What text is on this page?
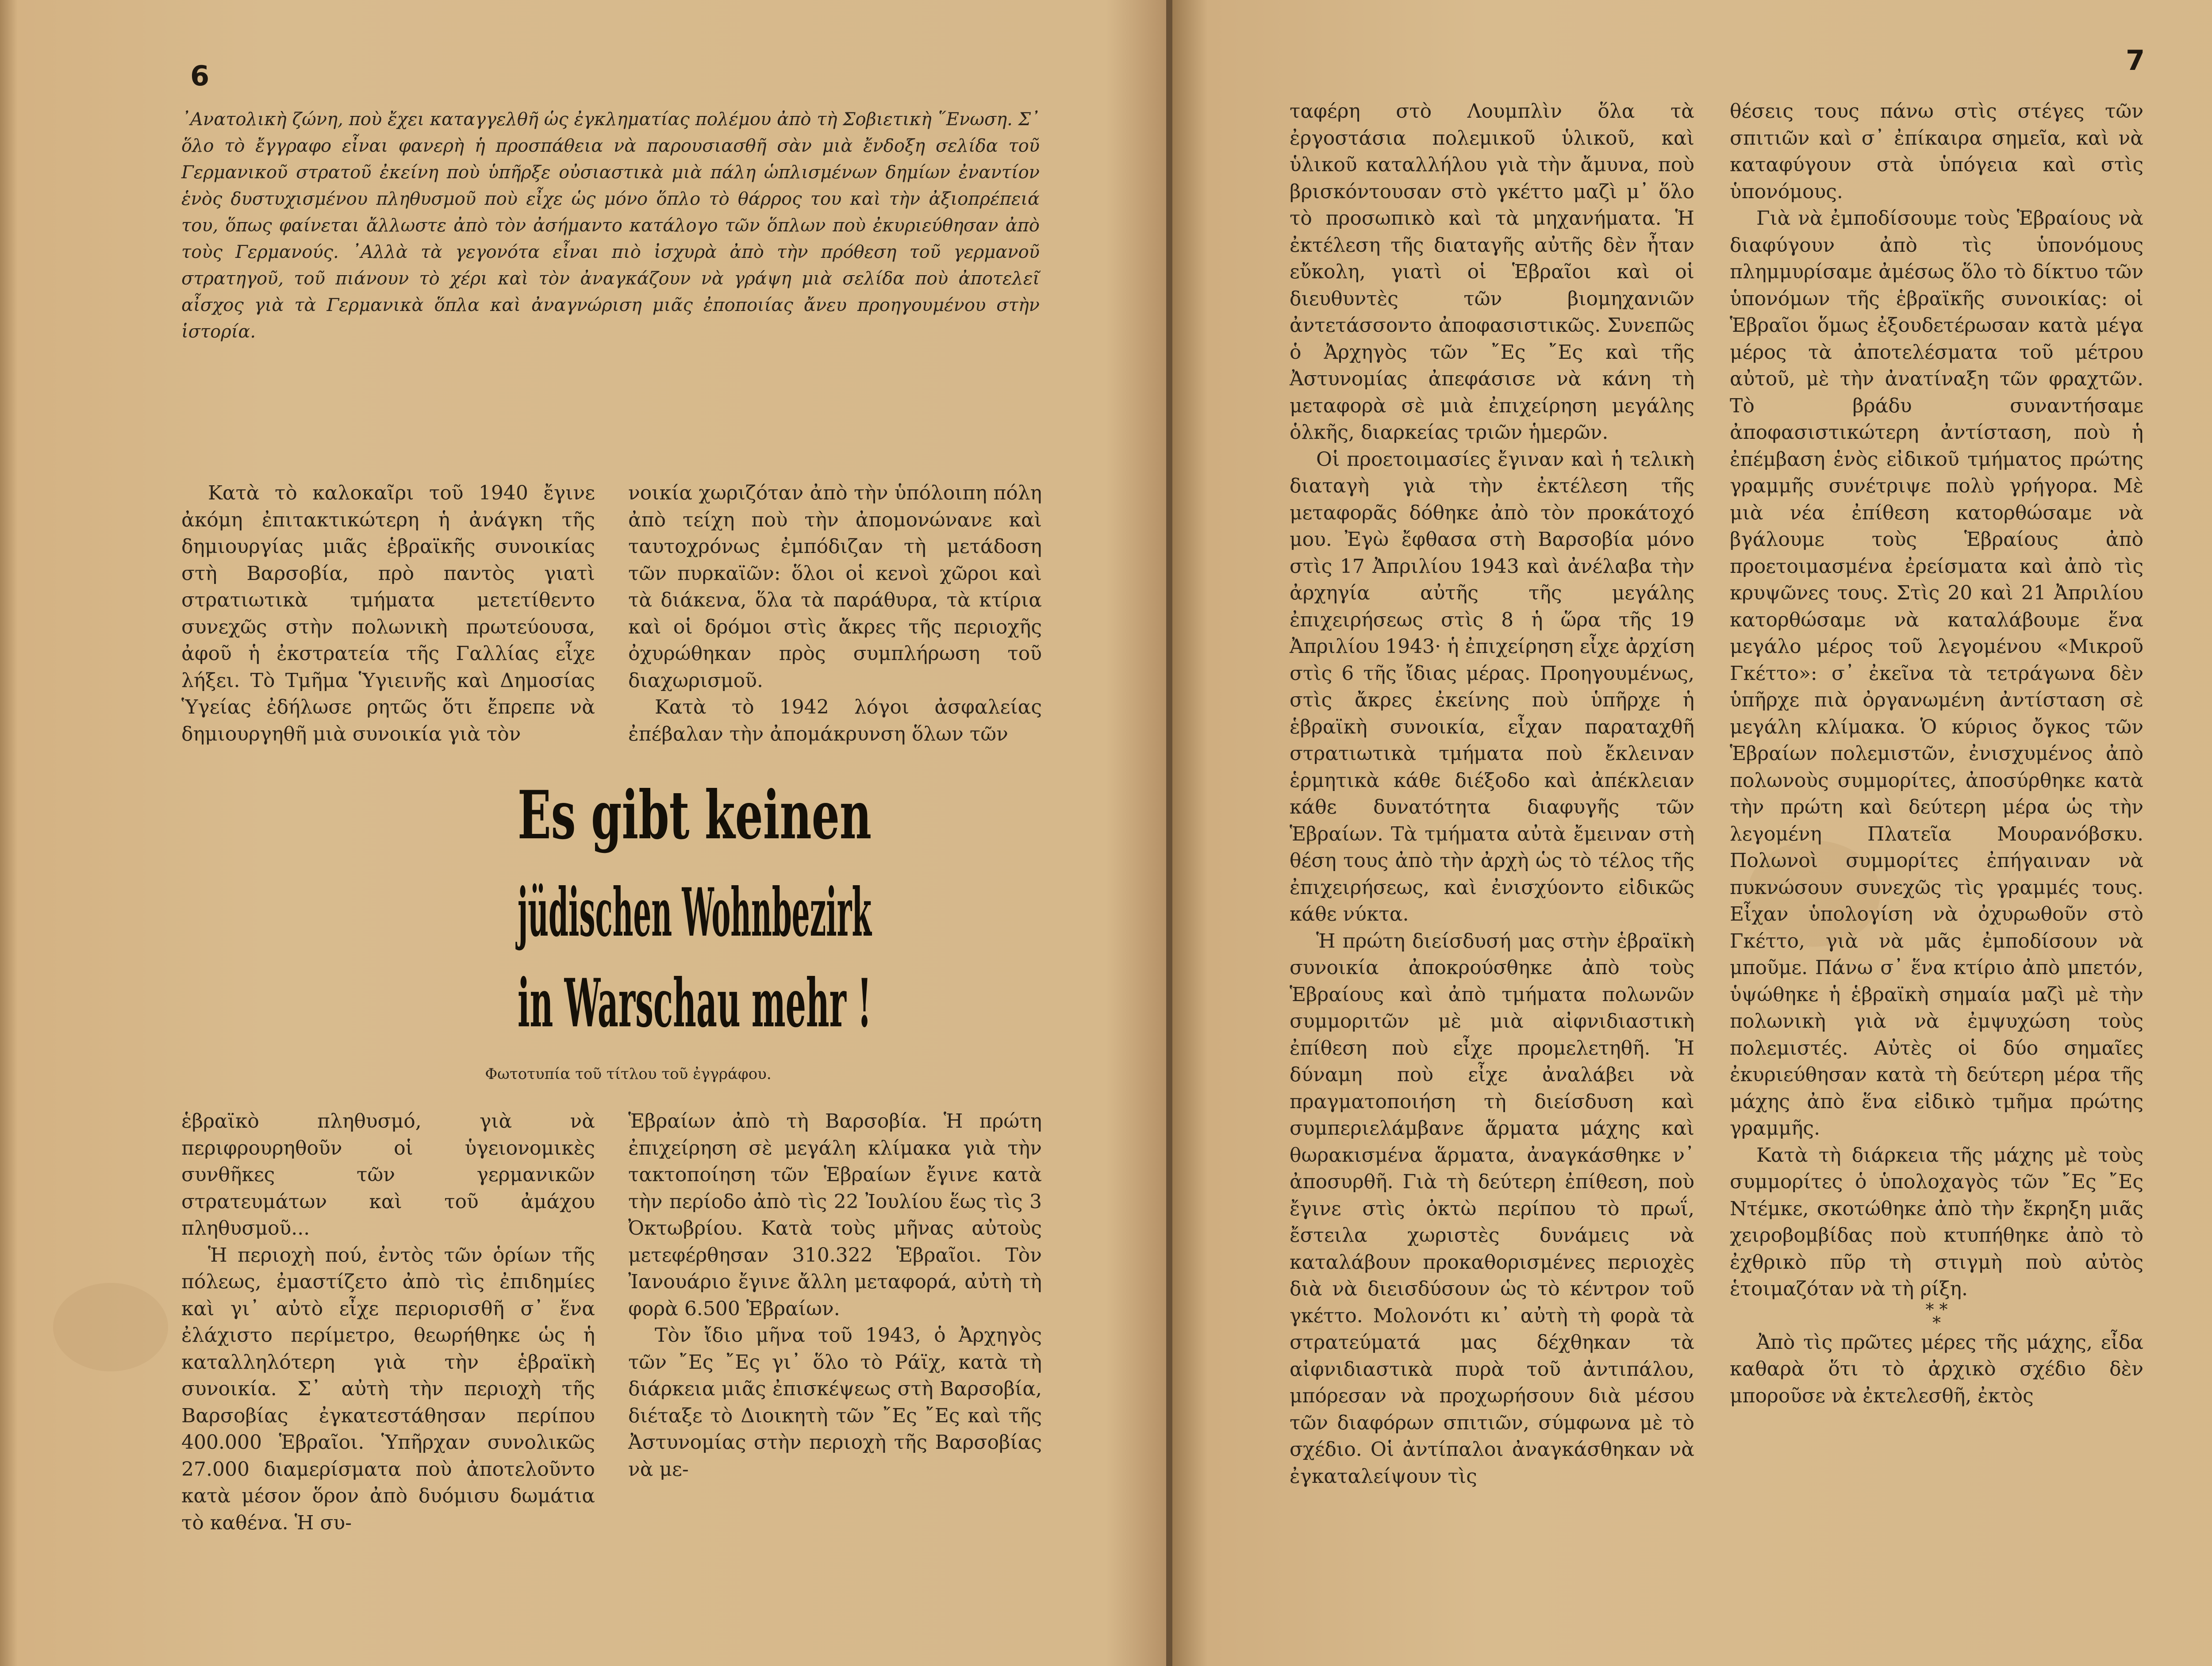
6

᾿Ανατολικὴ ζώνη, ποὺ ἔχει καταγγελθῆ ὡς ἐγκληματίας πολέμου ἀπὸ τὴ Σοβιετικὴ ῞Ενωση. Σ᾿ ὅλο τὸ ἔγγραφο εἶναι φανερὴ ἡ προσπάθεια νὰ παρουσιασθῆ σὰν μιὰ ἔνδοξη σελίδα τοῦ Γερμανικοῦ στρατοῦ ἐκείνη ποὺ ὑπῆρξε οὐσιαστικὰ μιὰ πάλη ὡπλισμένων δημίων ἐναντίον ἑνὸς δυστυχισμένου πληθυσμοῦ ποὺ εἶχε ὡς μόνο ὅπλο τὸ θάρρος του καὶ τὴν ἀξιοπρέπειά του, ὅπως φαίνεται ἄλλωστε ἀπὸ τὸν ἀσήμαντο κατάλογο τῶν ὅπλων ποὺ ἐκυριεύθησαν ἀπὸ τοὺς Γερμανούς. ᾿Αλλὰ τὰ γεγονότα εἶναι πιὸ ἰσχυρὰ ἀπὸ τὴν πρόθεση τοῦ γερμανοῦ στρατηγοῦ, τοῦ πιάνουν τὸ χέρι καὶ τὸν ἀναγκάζουν νὰ γράψη μιὰ σελίδα ποὺ ἀποτελεῖ αἶσχος γιὰ τὰ Γερμανικὰ ὅπλα καὶ ἀναγνώριση μιᾶς ἐποποιίας ἄνευ προηγουμένου στὴν ἱστορία.

Κατὰ τὸ καλοκαῖρι τοῦ 1940 ἔγινε ἀκόμη ἐπιτακτικώτερη ἡ ἀνάγκη τῆς δημιουργίας μιᾶς ἑβραϊκῆς συνοικίας στὴ Βαρσοβία, πρὸ παντὸς γιατὶ στρατιωτικὰ τμήματα μετετίθεντο συνεχῶς στὴν πολωνικὴ πρωτεύουσα, ἀφοῦ ἡ ἐκστρατεία τῆς Γαλλίας εἶχε λήξει. Τὸ Τμῆμα Ὑγιεινῆς καὶ Δημοσίας Ὑγείας ἐδήλωσε ρητῶς ὅτι ἔπρεπε νὰ δημιουργηθῆ μιὰ συνοικία γιὰ τὸν

νοικία χωριζόταν ἀπὸ τὴν ὑπόλοιπη πόλη ἀπὸ τείχη ποὺ τὴν ἀπομονώνανε καὶ ταυτοχρόνως ἐμπόδιζαν τὴ μετάδοση τῶν πυρκαϊῶν: ὅλοι οἱ κενοὶ χῶροι καὶ τὰ διάκενα, ὅλα τὰ παράθυρα, τὰ κτίρια καὶ οἱ δρόμοι στὶς ἄκρες τῆς περιοχῆς ὀχυρώθηκαν πρὸς συμπλήρωση τοῦ διαχωρισμοῦ.

Κατὰ τὸ 1942 λόγοι ἀσφαλείας ἐπέβαλαν τὴν ἀπομάκρυνση ὅλων τῶν

Es gibt keinen
jüdischen Wohnbezirk
in Warschau mehr !
Φωτοτυπία τοῦ τίτλου τοῦ ἐγγράφου.

ἑβραϊκὸ πληθυσμό, γιὰ νὰ περιφρουρηθοῦν οἱ ὑγειονομικὲς συνθῆκες τῶν γερμανικῶν στρατευμάτων καὶ τοῦ ἀμάχου πληθυσμοῦ...

Ἡ περιοχὴ πού, ἐντὸς τῶν ὁρίων τῆς πόλεως, ἐμαστίζετο ἀπὸ τὶς ἐπιδημίες καὶ γι᾿ αὐτὸ εἶχε περιορισθῆ σ᾿ ἕνα ἐλάχιστο περίμετρο, θεωρήθηκε ὡς ἡ καταλληλότερη γιὰ τὴν ἑβραϊκὴ συνοικία. Σ᾿ αὐτὴ τὴν περιοχὴ τῆς Βαρσοβίας ἐγκατεστάθησαν περίπου 400.000 Ἑβραῖοι. Ὑπῆρχαν συνολικῶς 27.000 διαμερίσματα ποὺ ἀποτελοῦντο κατὰ μέσον ὅρον ἀπὸ δυόμισυ δωμάτια τὸ καθένα. Ἡ συ-

Ἑβραίων ἀπὸ τὴ Βαρσοβία. Ἡ πρώτη ἐπιχείρηση σὲ μεγάλη κλίμακα γιὰ τὴν τακτοποίηση τῶν Ἑβραίων ἔγινε κατὰ τὴν περίοδο ἀπὸ τὶς 22 Ἰουλίου ἕως τὶς 3 Ὀκτωβρίου. Κατὰ τοὺς μῆνας αὐτοὺς μετεφέρθησαν 310.322 Ἑβραῖοι. Τὸν Ἰανουάριο ἔγινε ἄλλη μεταφορά, αὐτὴ τὴ φορὰ 6.500 Ἑβραίων.

Τὸν ἴδιο μῆνα τοῦ 1943, ὁ Ἀρχηγὸς τῶν ῎Ες ῎Ες γι᾿ ὅλο τὸ Ράϊχ, κατὰ τὴ διάρκεια μιᾶς ἐπισκέψεως στὴ Βαρσοβία, διέταξε τὸ Διοικητὴ τῶν ῎Ες ῎Ες καὶ τῆς Ἀστυνομίας στὴν περιοχὴ τῆς Βαρσοβίας νὰ με-

7

ταφέρη στὸ Λουμπλὶν ὅλα τὰ ἐργοστάσια πολεμικοῦ ὑλικοῦ, καὶ ὑλικοῦ καταλλήλου γιὰ τὴν ἄμυνα, ποὺ βρισκόντουσαν στὸ γκέττο μαζὶ μ᾿ ὅλο τὸ προσωπικὸ καὶ τὰ μηχανήματα. Ἡ ἐκτέλεση τῆς διαταγῆς αὐτῆς δὲν ἦταν εὔκολη, γιατὶ οἱ Ἑβραῖοι καὶ οἱ διευθυντὲς τῶν βιομηχανιῶν ἀντετάσσοντο ἀποφασιστικῶς. Συνεπῶς ὁ Ἀρχηγὸς τῶν ῎Ες ῎Ες καὶ τῆς Ἀστυνομίας ἀπεφάσισε νὰ κάνη τὴ μεταφορὰ σὲ μιὰ ἐπιχείρηση μεγάλης ὁλκῆς, διαρκείας τριῶν ἡμερῶν.

Οἱ προετοιμασίες ἔγιναν καὶ ἡ τελικὴ διαταγὴ γιὰ τὴν ἐκτέλεση τῆς μεταφορᾶς δόθηκε ἀπὸ τὸν προκάτοχό μου. Ἐγὼ ἔφθασα στὴ Βαρσοβία μόνο στὶς 17 Ἀπριλίου 1943 καὶ ἀνέλαβα τὴν ἀρχηγία αὐτῆς τῆς μεγάλης ἐπιχειρήσεως στὶς 8 ἡ ὥρα τῆς 19 Ἀπριλίου 1943· ἡ ἐπιχείρηση εἶχε ἀρχίση στὶς 6 τῆς ἴδιας μέρας. Προηγουμένως, στὶς ἄκρες ἐκείνης ποὺ ὑπῆρχε ἡ ἑβραϊκὴ συνοικία, εἶχαν παραταχθῆ στρατιωτικὰ τμήματα ποὺ ἔκλειναν ἑρμητικὰ κάθε διέξοδο καὶ ἀπέκλειαν κάθε δυνατότητα διαφυγῆς τῶν Ἑβραίων. Τὰ τμήματα αὐτὰ ἔμειναν στὴ θέση τους ἀπὸ τὴν ἀρχὴ ὡς τὸ τέλος τῆς ἐπιχειρήσεως, καὶ ἐνισχύοντο εἰδικῶς κάθε νύκτα.

Ἡ πρώτη διείσδυσή μας στὴν ἑβραϊκὴ συνοικία ἀποκρούσθηκε ἀπὸ τοὺς Ἑβραίους καὶ ἀπὸ τμήματα πολωνῶν συμμοριτῶν μὲ μιὰ αἰφνιδιαστικὴ ἐπίθεση ποὺ εἶχε προμελετηθῆ. Ἡ δύναμη ποὺ εἶχε ἀναλάβει νὰ πραγματοποιήση τὴ διείσδυση καὶ συμπεριελάμβανε ἅρματα μάχης καὶ θωρακισμένα ἅρματα, ἀναγκάσθηκε ν᾿ ἀποσυρθῆ. Γιὰ τὴ δεύτερη ἐπίθεση, ποὺ ἔγινε στὶς ὀκτὼ περίπου τὸ πρωΐ, ἔστειλα χωριστὲς δυνάμεις νὰ καταλάβουν προκαθορισμένες περιοχὲς διὰ νὰ διεισδύσουν ὡς τὸ κέντρον τοῦ γκέττο. Μολονότι κι᾿ αὐτὴ τὴ φορὰ τὰ στρατεύματά μας δέχθηκαν τὰ αἰφνιδιαστικὰ πυρὰ τοῦ ἀντιπάλου, μπόρεσαν νὰ προχωρήσουν διὰ μέσου τῶν διαφόρων σπιτιῶν, σύμφωνα μὲ τὸ σχέδιο. Οἱ ἀντίπαλοι ἀναγκάσθηκαν νὰ ἐγκαταλείψουν τὶς

θέσεις τους πάνω στὶς στέγες τῶν σπιτιῶν καὶ σ᾿ ἐπίκαιρα σημεῖα, καὶ νὰ καταφύγουν στὰ ὑπόγεια καὶ στὶς ὑπονόμους.

Γιὰ νὰ ἐμποδίσουμε τοὺς Ἑβραίους νὰ διαφύγουν ἀπὸ τὶς ὑπονόμους πλημμυρίσαμε ἀμέσως ὅλο τὸ δίκτυο τῶν ὑπονόμων τῆς ἑβραϊκῆς συνοικίας: οἱ Ἑβραῖοι ὅμως ἐξουδετέρωσαν κατὰ μέγα μέρος τὰ ἀποτελέσματα τοῦ μέτρου αὐτοῦ, μὲ τὴν ἀνατίναξη τῶν φραχτῶν. Τὸ βράδυ συναντήσαμε ἀποφασιστικώτερη ἀντίσταση, ποὺ ἡ ἐπέμβαση ἑνὸς εἰδικοῦ τμήματος πρώτης γραμμῆς συνέτριψε πολὺ γρήγορα. Μὲ μιὰ νέα ἐπίθεση κατορθώσαμε νὰ βγάλουμε τοὺς Ἑβραίους ἀπὸ προετοιμασμένα ἐρείσματα καὶ ἀπὸ τὶς κρυψῶνες τους. Στὶς 20 καὶ 21 Ἀπριλίου κατορθώσαμε νὰ καταλάβουμε ἕνα μεγάλο μέρος τοῦ λεγομένου «Μικροῦ Γκέττο»: σ᾿ ἐκεῖνα τὰ τετράγωνα δὲν ὑπῆρχε πιὰ ὀργανωμένη ἀντίσταση σὲ μεγάλη κλίμακα. Ὁ κύριος ὄγκος τῶν Ἑβραίων πολεμιστῶν, ἐνισχυμένος ἀπὸ πολωνοὺς συμμορίτες, ἀποσύρθηκε κατὰ τὴν πρώτη καὶ δεύτερη μέρα ὡς τὴν λεγομένη Πλατεῖα Μουρανόβσκυ. Πολωνοὶ συμμορίτες ἐπήγαιναν νὰ πυκνώσουν συνεχῶς τὶς γραμμές τους. Εἶχαν ὑπολογίση νὰ ὀχυρωθοῦν στὸ Γκέττο, γιὰ νὰ μᾶς ἐμποδίσουν νὰ μποῦμε. Πάνω σ᾿ ἕνα κτίριο ἀπὸ μπετόν, ὑψώθηκε ἡ ἑβραϊκὴ σημαία μαζὶ μὲ τὴν πολωνικὴ γιὰ νὰ ἐμψυχώση τοὺς πολεμιστές. Αὐτὲς οἱ δύο σημαῖες ἐκυριεύθησαν κατὰ τὴ δεύτερη μέρα τῆς μάχης ἀπὸ ἕνα εἰδικὸ τμῆμα πρώτης γραμμῆς.

Κατὰ τὴ διάρκεια τῆς μάχης μὲ τοὺς συμμορίτες ὁ ὑπολοχαγὸς τῶν ῎Ες ῎Ες Ντέμκε, σκοτώθηκε ἀπὸ τὴν ἔκρηξη μιᾶς χειροβομβίδας ποὺ κτυπήθηκε ἀπὸ τὸ ἐχθρικὸ πῦρ τὴ στιγμὴ ποὺ αὐτὸς ἑτοιμαζόταν νὰ τὴ ρίξη.

* *
*

Ἀπὸ τὶς πρῶτες μέρες τῆς μάχης, εἶδα καθαρὰ ὅτι τὸ ἀρχικὸ σχέδιο δὲν μποροῦσε νὰ ἐκτελεσθῆ, ἐκτὸς
